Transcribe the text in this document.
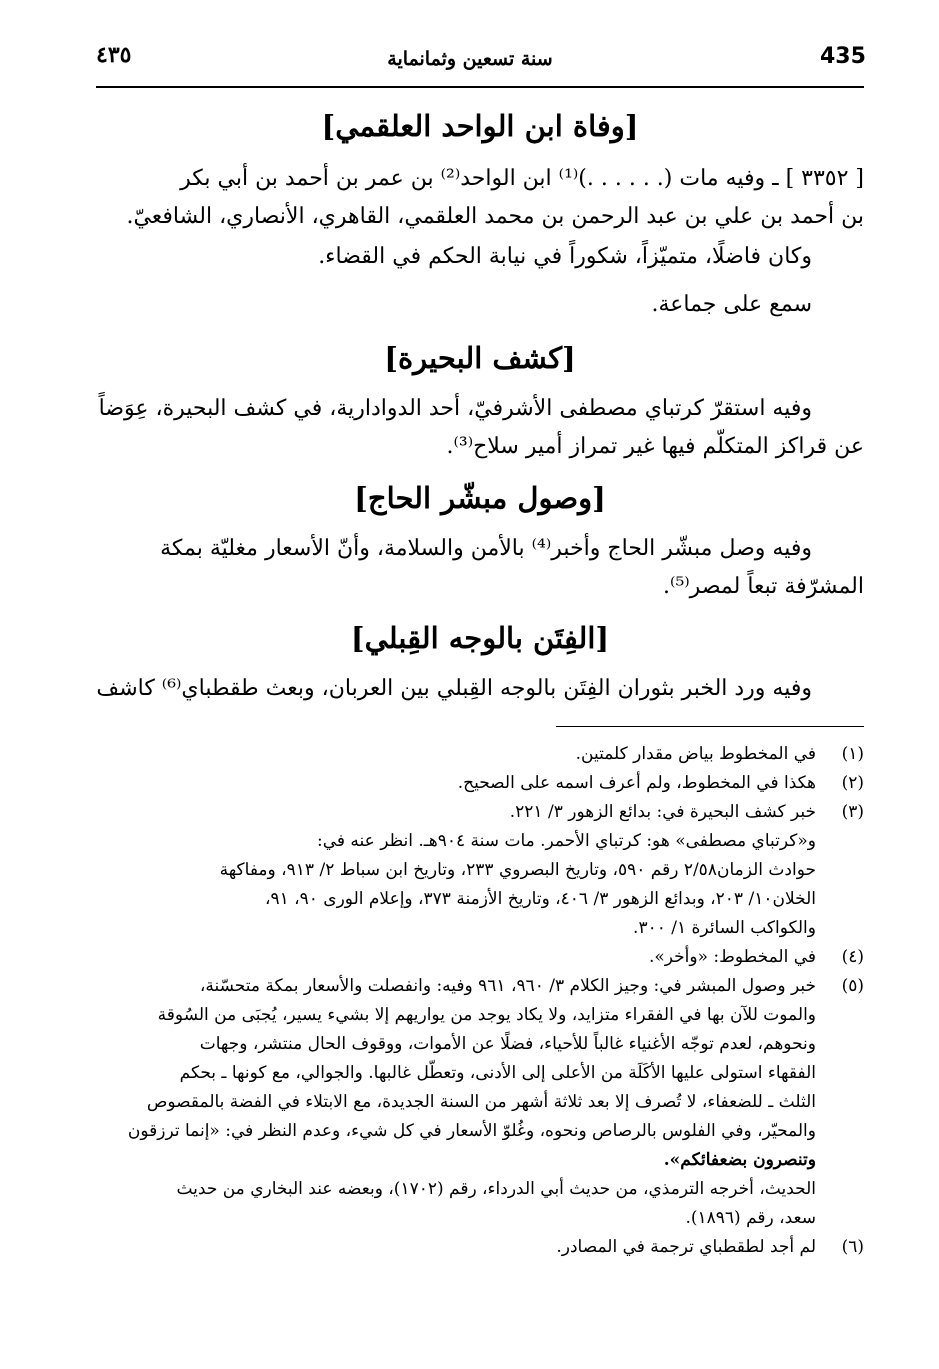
435
سنة تسعين وثمانماية
٤٣٥
[وفاة ابن الواحد العلقمي]
[ ٣٣٥٢ ] ـ وفيه مات (. . . . . .)⁽¹⁾ ابن الواحد⁽²⁾ بن عمر بن أحمد بن أبي بكر
بن أحمد بن علي بن عبد الرحمن بن محمد العلقمي، القاهري، الأنصاري، الشافعيّ.
وكان فاضلًا، متميّزاً، شكوراً في نيابة الحكم في القضاء.
سمع على جماعة.
[كشف البحيرة]
وفيه استقرّ كرتباي مصطفى الأشرفيّ، أحد الدوادارية، في كشف البحيرة، عِوَضاً
عن قراكز المتكلّم فيها غير تمراز أمير سلاح⁽³⁾.
[وصول مبشّر الحاج]
وفيه وصل مبشّر الحاج وأخبر⁽⁴⁾ بالأمن والسلامة، وأنّ الأسعار مغليّة بمكة
المشرّفة تبعاً لمصر⁽⁵⁾.
[الفِتَن بالوجه القِبلي]
وفيه ورد الخبر بثوران الفِتَن بالوجه القِبلي بين العربان، وبعث طقطباي⁽⁶⁾ كاشف
(١)
في المخطوط بياض مقدار كلمتين.
(٢)
هكذا في المخطوط، ولم أعرف اسمه على الصحيح.
(٣)
خبر كشف البحيرة في: بدائع الزهور ٣/ ٢٢١.
و«كرتباي مصطفى» هو: كرتباي الأحمر. مات سنة ٩٠٤هـ. انظر عنه في:
حوادث الزمان٢/٥٨ رقم ٥٩٠، وتاريخ البصروي ٢٣٣، وتاريخ ابن سباط ٢/ ٩١٣، ومفاكهة
الخلان١٠/ ٢٠٣، وبدائع الزهور ٣/ ٤٠٦، وتاريخ الأزمنة ٣٧٣، وإعلام الورى ٩٠، ٩١،
والكواكب السائرة ١/ ٣٠٠.
(٤)
في المخطوط: «وأخر».
(٥)
خبر وصول المبشر في: وجيز الكلام ٣/ ٩٦٠، ٩٦١ وفيه: وانفصلت والأسعار بمكة متحسّنة،
والموت للآن بها في الفقراء متزايد، ولا يكاد يوجد من يواريهم إلا بشيء يسير، يُجبَى من السُوقة
ونحوهم، لعدم توجّه الأغنياء غالباً للأحياء، فضلًا عن الأموات، ووقوف الحال منتشر، وجهات
الفقهاء استولى عليها الأكَلَة من الأعلى إلى الأدنى، وتعطّل غالبها. والجوالي، مع كونها ـ بحكم
الثلث ـ للضعفاء، لا تُصرف إلا بعد ثلاثة أشهر من السنة الجديدة، مع الابتلاء في الفضة بالمقصوص
والمحيّر، وفي الفلوس بالرصاص ونحوه، وغُلوّ الأسعار في كل شيء، وعدم النظر في: «إنما ترزقون
وتنصرون بضعفائكم».
الحديث، أخرجه الترمذي، من حديث أبي الدرداء، رقم (١٧٠٢)، وبعضه عند البخاري من حديث
سعد، رقم (١٨٩٦).
(٦)
لم أجد لطقطباي ترجمة في المصادر.
